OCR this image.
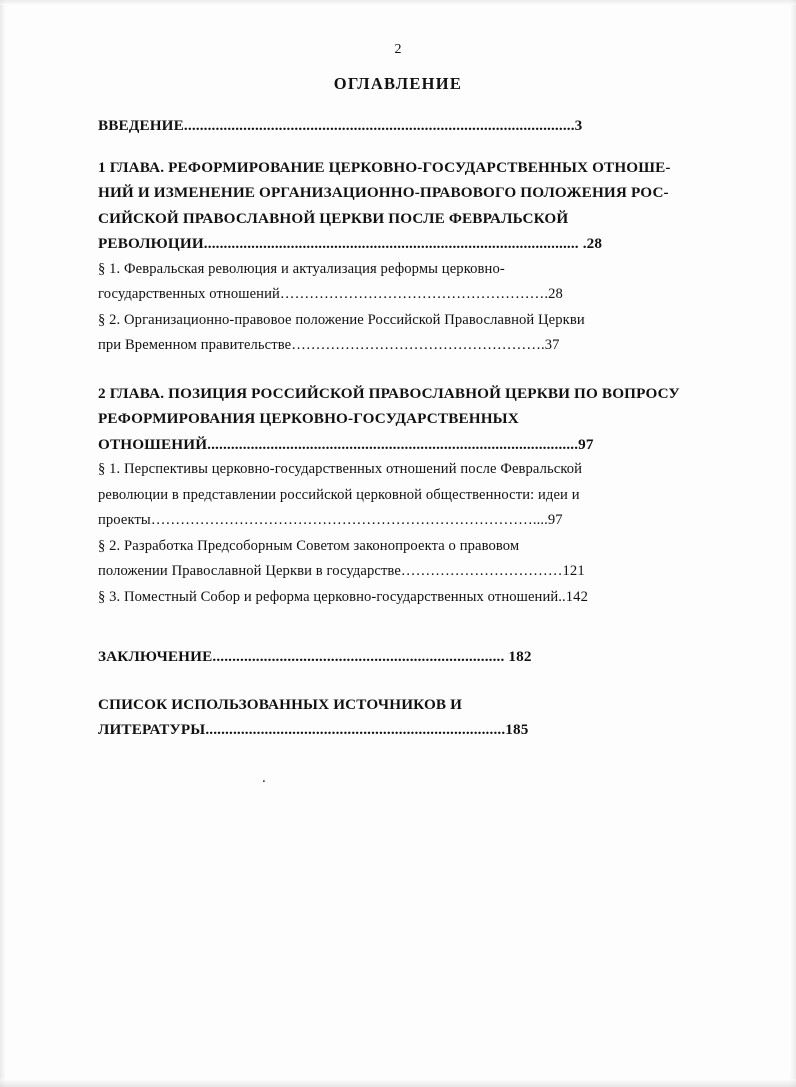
2
ОГЛАВЛЕНИЕ
ВВЕДЕНИЕ...................................................................................................3
1 ГЛАВА. РЕФОРМИРОВАНИЕ ЦЕРКОВНО-ГОСУДАРСТВЕННЫХ ОТНОШЕ-
НИЙ И ИЗМЕНЕНИЕ ОРГАНИЗАЦИОННО-ПРАВОВОГО ПОЛОЖЕНИЯ РОС-
СИЙСКОЙ ПРАВОСЛАВНОЙ ЦЕРКВИ ПОСЛЕ ФЕВРАЛЬСКОЙ
РЕВОЛЮЦИИ............................................................................................... .28
§ 1. Февральская революция и актуализация реформы церковно-
государственных отношений……………………………………………….28
§ 2. Организационно-правовое положение Российской Православной Церкви
при Временном правительстве…………………………………………….37
2 ГЛАВА. ПОЗИЦИЯ РОССИЙСКОЙ ПРАВОСЛАВНОЙ ЦЕРКВИ ПО ВОПРОСУ
РЕФОРМИРОВАНИЯ ЦЕРКОВНО-ГОСУДАРСТВЕННЫХ
ОТНОШЕНИЙ..............................................................................................97
§ 1. Перспективы церковно-государственных отношений после Февральской
революции в представлении российской церковной общественности: идеи и
проекты……………………………………………………………………....97
§ 2. Разработка Предсоборным Советом законопроекта о правовом
положении Православной Церкви в государстве……………………………121
§ 3. Поместный Собор и реформа церковно-государственных отношений..142
ЗАКЛЮЧЕНИЕ.......................................................................... 182
СПИСОК ИСПОЛЬЗОВАННЫХ ИСТОЧНИКОВ И
ЛИТЕРАТУРЫ............................................................................185
.
